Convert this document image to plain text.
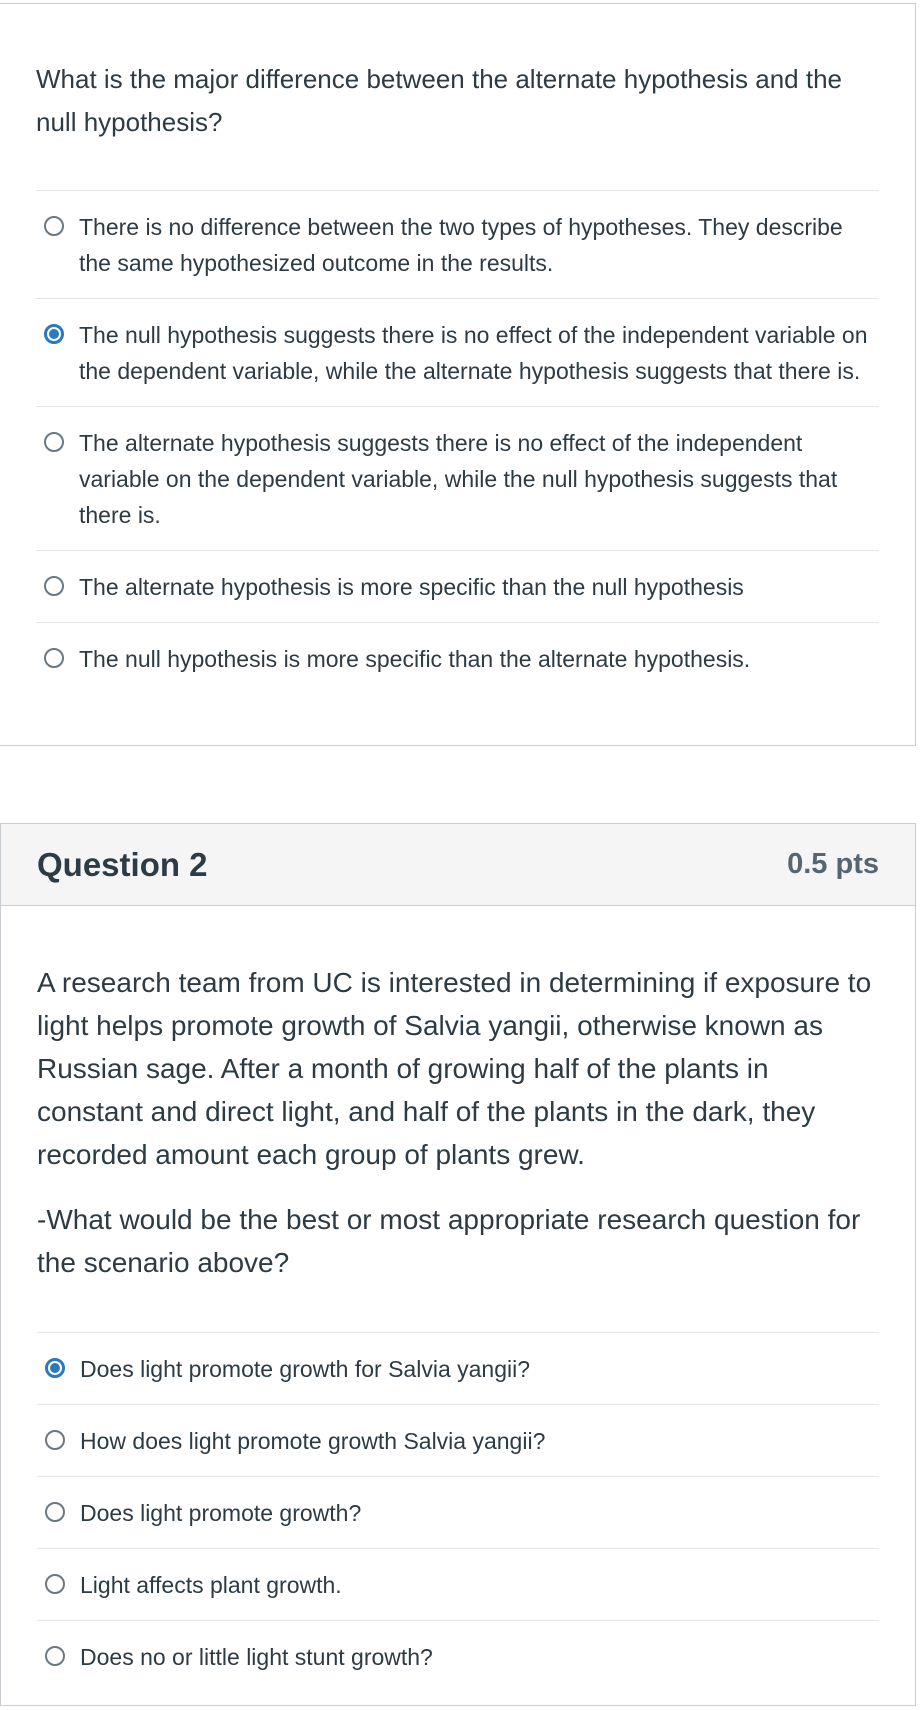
What is the major difference between the alternate hypothesis and the null hypothesis?

There is no difference between the two types of hypotheses. They describe the same hypothesized outcome in the results.
The null hypothesis suggests there is no effect of the independent variable on the dependent variable, while the alternate hypothesis suggests that there is.
The alternate hypothesis suggests there is no effect of the independent variable on the dependent variable, while the null hypothesis suggests that there is.
The alternate hypothesis is more specific than the null hypothesis
The null hypothesis is more specific than the alternate hypothesis.
Question 2	0.5 pts

A research team from UC is interested in determining if exposure to light helps promote growth of Salvia yangii, otherwise known as Russian sage. After a month of growing half of the plants in constant and direct light, and half of the plants in the dark, they recorded amount each group of plants grew.

-What would be the best or most appropriate research question for the scenario above?

Does light promote growth for Salvia yangii?
How does light promote growth Salvia yangii?
Does light promote growth?
Light affects plant growth.
Does no or little light stunt growth?
